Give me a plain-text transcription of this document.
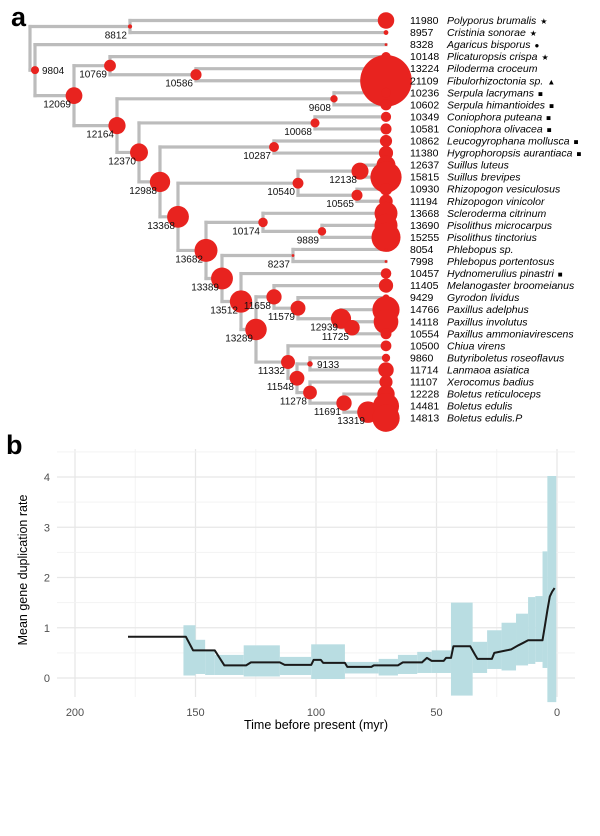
a
8812
11980 Polyporus brumalis ★
8957 Cristinia sonorae ★
9804
8328 Agaricus bisporus ●
12069
10769
10148 Plicaturopsis crispa ★
10586
13224 Piloderma croceum
21109 Fibulorhizoctonia sp. ▲
12164
9608
10236 Serpula lacrymans ■
10602 Serpula himantioides ■
12370
10068
10349 Coniophora puteana ■
10581 Coniophora olivacea ■
12988
10287
10862 Leucogyrophana mollusca ■
11380 Hygrophoropsis aurantiaca ■
13368
10540
12138
12637 Suillus luteus
15815 Suillus brevipes
10565
10930 Rhizopogon vesiculosus
11194 Rhizopogon vinicolor
13682
10174
13668 Scleroderma citrinum
9889
13690 Pisolithus microcarpus
15255 Pisolithus tinctorius
13389
8237
8054 Phlebopus sp.
7998 Phlebopus portentosus
13512
10457 Hydnomerulius pinastri ■
13289
11658
11405 Melanogaster broomeianus
11579
9429 Gyrodon lividus
12939
14766 Paxillus adelphus
11725
14118 Paxillus involutus
10554 Paxillus ammoniavirescens
11332
10500 Chiua virens
11548
9133
9860 Butyriboletus roseoflavus
11714 Lanmaoa asiatica
11278
11107 Xerocomus badius
11691
12228 Boletus reticuloceps
13319
14481 Boletus edulis
14813 Boletus edulis.P
b
Time before present (myr)
Mean gene duplication rate
200	150	100	50	0
0
1
2
3
4
